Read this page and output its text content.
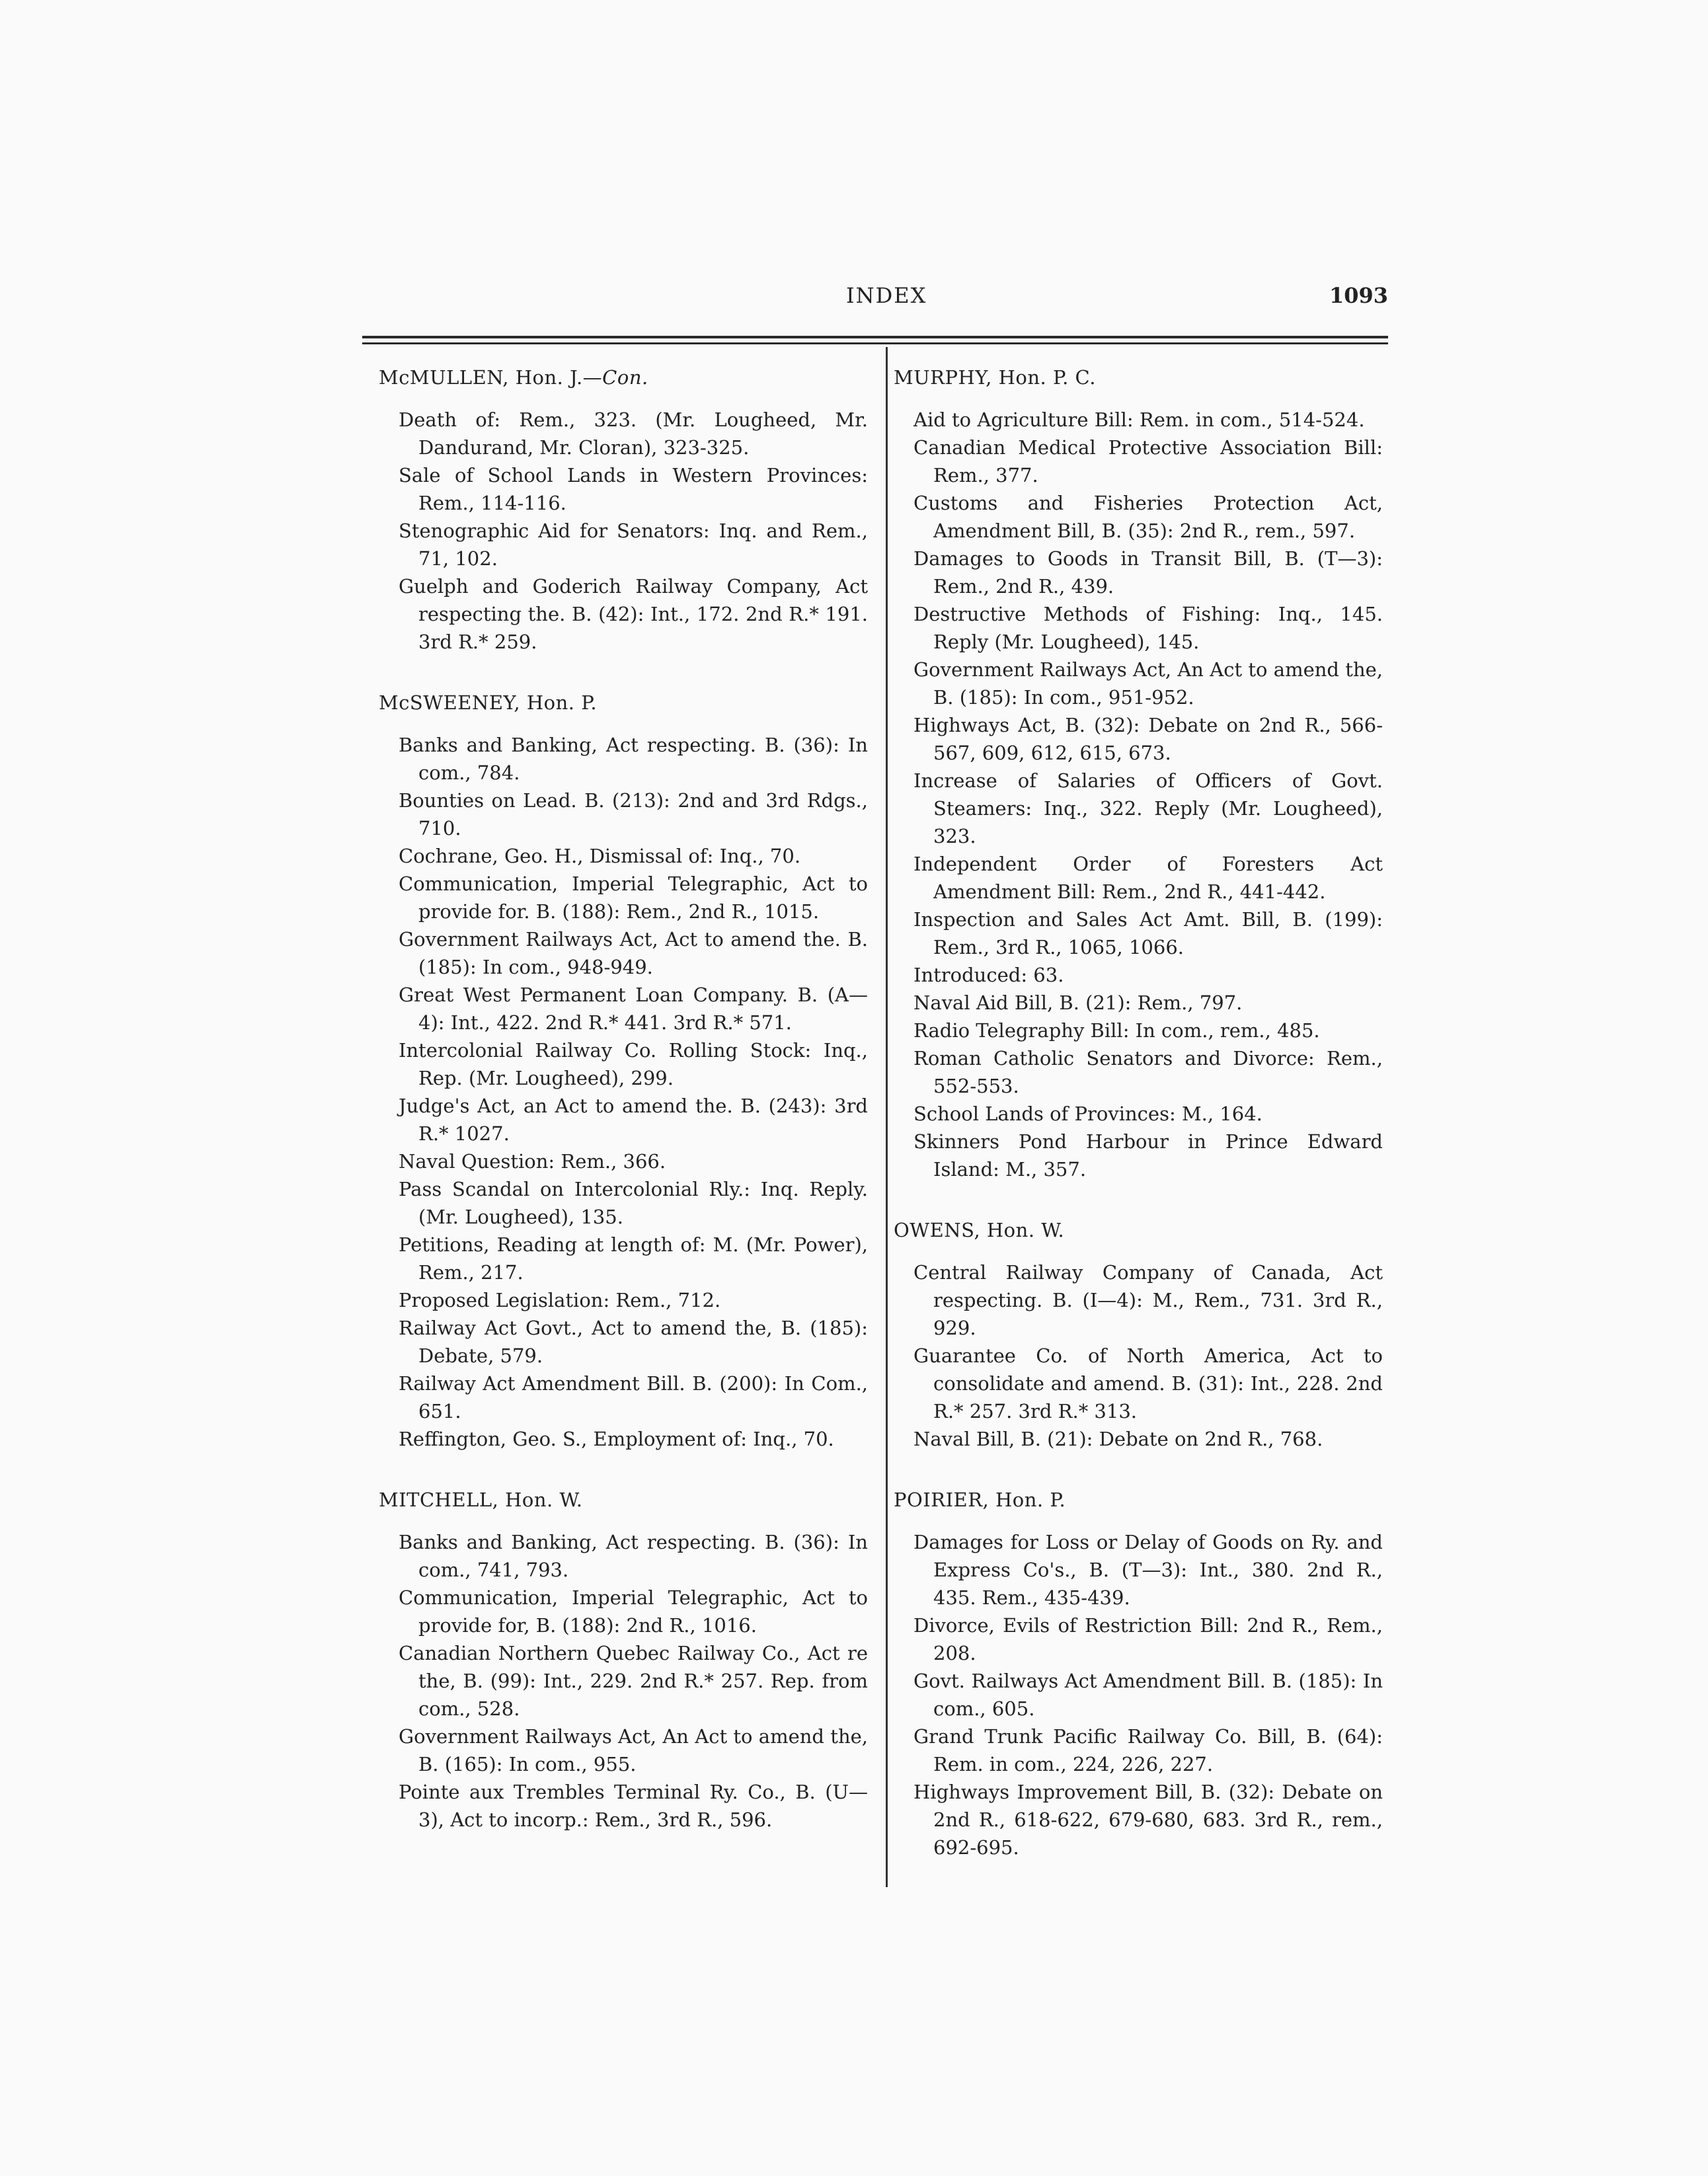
INDEX	1093
McMULLEN, Hon. J.—Con.
Death of: Rem., 323. (Mr. Lougheed, Mr. Dandurand, Mr. Cloran), 323-325.
Sale of School Lands in Western Provinces: Rem., 114-116.
Stenographic Aid for Senators: Inq. and Rem., 71, 102.
Guelph and Goderich Railway Company, Act respecting the. B. (42): Int., 172. 2nd R.* 191. 3rd R.* 259.
McSWEENEY, Hon. P.
Banks and Banking, Act respecting. B. (36): In com., 784.
Bounties on Lead. B. (213): 2nd and 3rd Rdgs., 710.
Cochrane, Geo. H., Dismissal of: Inq., 70.
Communication, Imperial Telegraphic, Act to provide for. B. (188): Rem., 2nd R., 1015.
Government Railways Act, Act to amend the. B. (185): In com., 948-949.
Great West Permanent Loan Company. B. (A—4): Int., 422. 2nd R.* 441. 3rd R.* 571.
Intercolonial Railway Co. Rolling Stock: Inq., Rep. (Mr. Lougheed), 299.
Judge's Act, an Act to amend the. B. (243): 3rd R.* 1027.
Naval Question: Rem., 366.
Pass Scandal on Intercolonial Rly.: Inq. Reply. (Mr. Lougheed), 135.
Petitions, Reading at length of: M. (Mr. Power), Rem., 217.
Proposed Legislation: Rem., 712.
Railway Act Govt., Act to amend the, B. (185): Debate, 579.
Railway Act Amendment Bill. B. (200): In Com., 651.
Reffington, Geo. S., Employment of: Inq., 70.
MITCHELL, Hon. W.
Banks and Banking, Act respecting. B. (36): In com., 741, 793.
Communication, Imperial Telegraphic, Act to provide for, B. (188): 2nd R., 1016.
Canadian Northern Quebec Railway Co., Act re the, B. (99): Int., 229. 2nd R.* 257. Rep. from com., 528.
Government Railways Act, An Act to amend the, B. (165): In com., 955.
Pointe aux Trembles Terminal Ry. Co., B. (U—3), Act to incorp.: Rem., 3rd R., 596.
MURPHY, Hon. P. C.
Aid to Agriculture Bill: Rem. in com., 514-524.
Canadian Medical Protective Association Bill: Rem., 377.
Customs and Fisheries Protection Act, Amendment Bill, B. (35): 2nd R., rem., 597.
Damages to Goods in Transit Bill, B. (T—3): Rem., 2nd R., 439.
Destructive Methods of Fishing: Inq., 145. Reply (Mr. Lougheed), 145.
Government Railways Act, An Act to amend the, B. (185): In com., 951-952.
Highways Act, B. (32): Debate on 2nd R., 566-567, 609, 612, 615, 673.
Increase of Salaries of Officers of Govt. Steamers: Inq., 322. Reply (Mr. Lougheed), 323.
Independent Order of Foresters Act Amendment Bill: Rem., 2nd R., 441-442.
Inspection and Sales Act Amt. Bill, B. (199): Rem., 3rd R., 1065, 1066.
Introduced: 63.
Naval Aid Bill, B. (21): Rem., 797.
Radio Telegraphy Bill: In com., rem., 485.
Roman Catholic Senators and Divorce: Rem., 552-553.
School Lands of Provinces: M., 164.
Skinners Pond Harbour in Prince Edward Island: M., 357.
OWENS, Hon. W.
Central Railway Company of Canada, Act respecting. B. (I—4): M., Rem., 731. 3rd R., 929.
Guarantee Co. of North America, Act to consolidate and amend. B. (31): Int., 228. 2nd R.* 257. 3rd R.* 313.
Naval Bill, B. (21): Debate on 2nd R., 768.
POIRIER, Hon. P.
Damages for Loss or Delay of Goods on Ry. and Express Co's., B. (T—3): Int., 380. 2nd R., 435. Rem., 435-439.
Divorce, Evils of Restriction Bill: 2nd R., Rem., 208.
Govt. Railways Act Amendment Bill. B. (185): In com., 605.
Grand Trunk Pacific Railway Co. Bill, B. (64): Rem. in com., 224, 226, 227.
Highways Improvement Bill, B. (32): Debate on 2nd R., 618-622, 679-680, 683. 3rd R., rem., 692-695.
